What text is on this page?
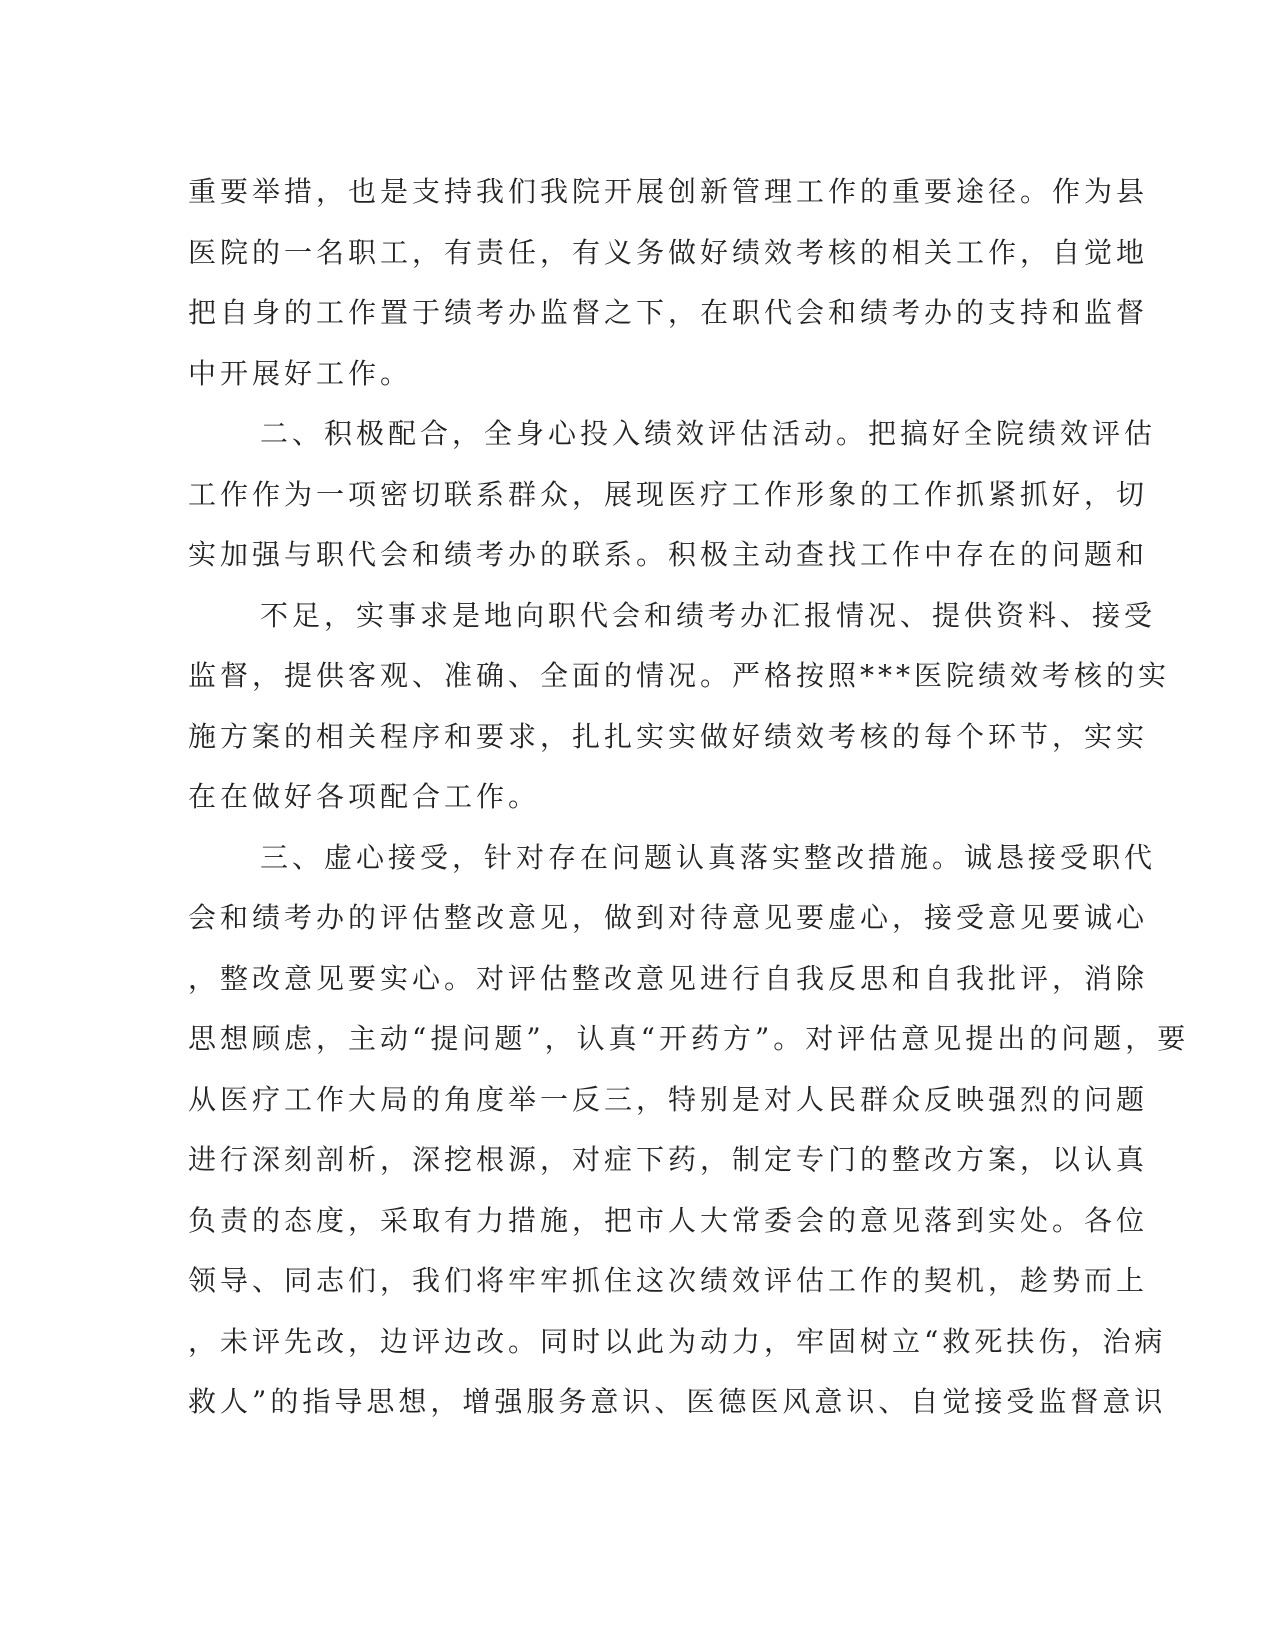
重要举措，也是支持我们我院开展创新管理工作的重要途径。作为县
医院的一名职工，有责任，有义务做好绩效考核的相关工作，自觉地
把自身的工作置于绩考办监督之下，在职代会和绩考办的支持和监督
中开展好工作。
二、积极配合，全身心投入绩效评估活动。把搞好全院绩效评估
工作作为一项密切联系群众，展现医疗工作形象的工作抓紧抓好，切
实加强与职代会和绩考办的联系。积极主动查找工作中存在的问题和
不足，实事求是地向职代会和绩考办汇报情况、提供资料、接受
监督，提供客观、准确、全面的情况。严格按照***医院绩效考核的实
施方案的相关程序和要求，扎扎实实做好绩效考核的每个环节，实实
在在做好各项配合工作。
三、虚心接受，针对存在问题认真落实整改措施。诚恳接受职代
会和绩考办的评估整改意见，做到对待意见要虚心，接受意见要诚心
，整改意见要实心。对评估整改意见进行自我反思和自我批评，消除
思想顾虑，主动“提问题”，认真“开药方”。对评估意见提出的问题，要
从医疗工作大局的角度举一反三，特别是对人民群众反映强烈的问题
进行深刻剖析，深挖根源，对症下药，制定专门的整改方案，以认真
负责的态度，采取有力措施，把市人大常委会的意见落到实处。各位
领导、同志们，我们将牢牢抓住这次绩效评估工作的契机，趁势而上
，未评先改，边评边改。同时以此为动力，牢固树立“救死扶伤，治病
救人”的指导思想，增强服务意识、医德医风意识、自觉接受监督意识
